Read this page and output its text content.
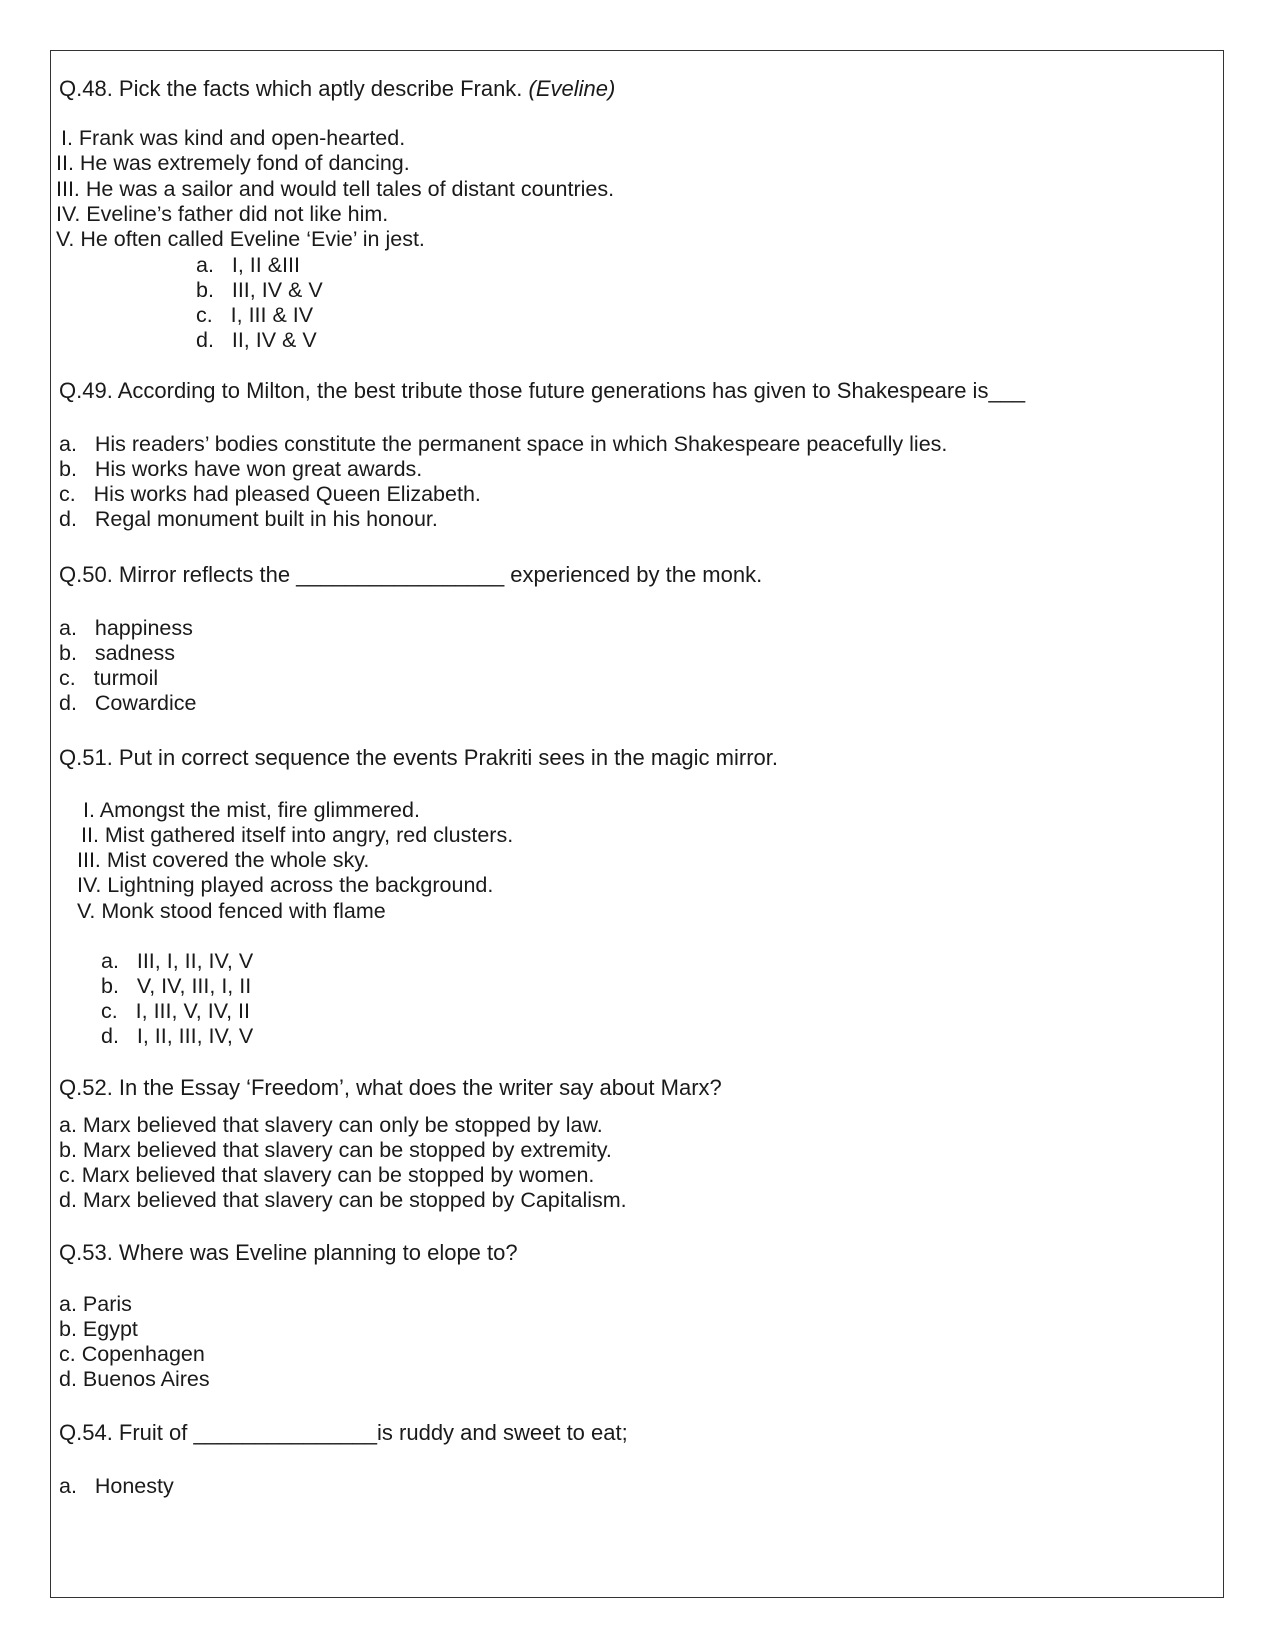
Q.48. Pick the facts which aptly describe Frank. (Eveline)
I. Frank was kind and open-hearted.
II. He was extremely fond of dancing.
III. He was a sailor and would tell tales of distant countries.
IV. Eveline’s father did not like him.
V. He often called Eveline ‘Evie’ in jest.
a. I, II &III
b. III, IV & V
c. I, III & IV
d. II, IV & V
Q.49. According to Milton, the best tribute those future generations has given to Shakespeare is___
a. His readers’ bodies constitute the permanent space in which Shakespeare peacefully lies.
b. His works have won great awards.
c. His works had pleased Queen Elizabeth.
d. Regal monument built in his honour.
Q.50. Mirror reflects the _________________ experienced by the monk.
a. happiness
b. sadness
c. turmoil
d. Cowardice
Q.51. Put in correct sequence the events Prakriti sees in the magic mirror.
I. Amongst the mist, fire glimmered.
II. Mist gathered itself into angry, red clusters.
III. Mist covered the whole sky.
IV. Lightning played across the background.
V. Monk stood fenced with flame
a. III, I, II, IV, V
b. V, IV, III, I, II
c. I, III, V, IV, II
d. I, II, III, IV, V
Q.52. In the Essay ‘Freedom’, what does the writer say about Marx?
a. Marx believed that slavery can only be stopped by law.
b. Marx believed that slavery can be stopped by extremity.
c. Marx believed that slavery can be stopped by women.
d. Marx believed that slavery can be stopped by Capitalism.
Q.53. Where was Eveline planning to elope to?
a. Paris
b. Egypt
c. Copenhagen
d. Buenos Aires
Q.54. Fruit of _______________is ruddy and sweet to eat;
a. Honesty
